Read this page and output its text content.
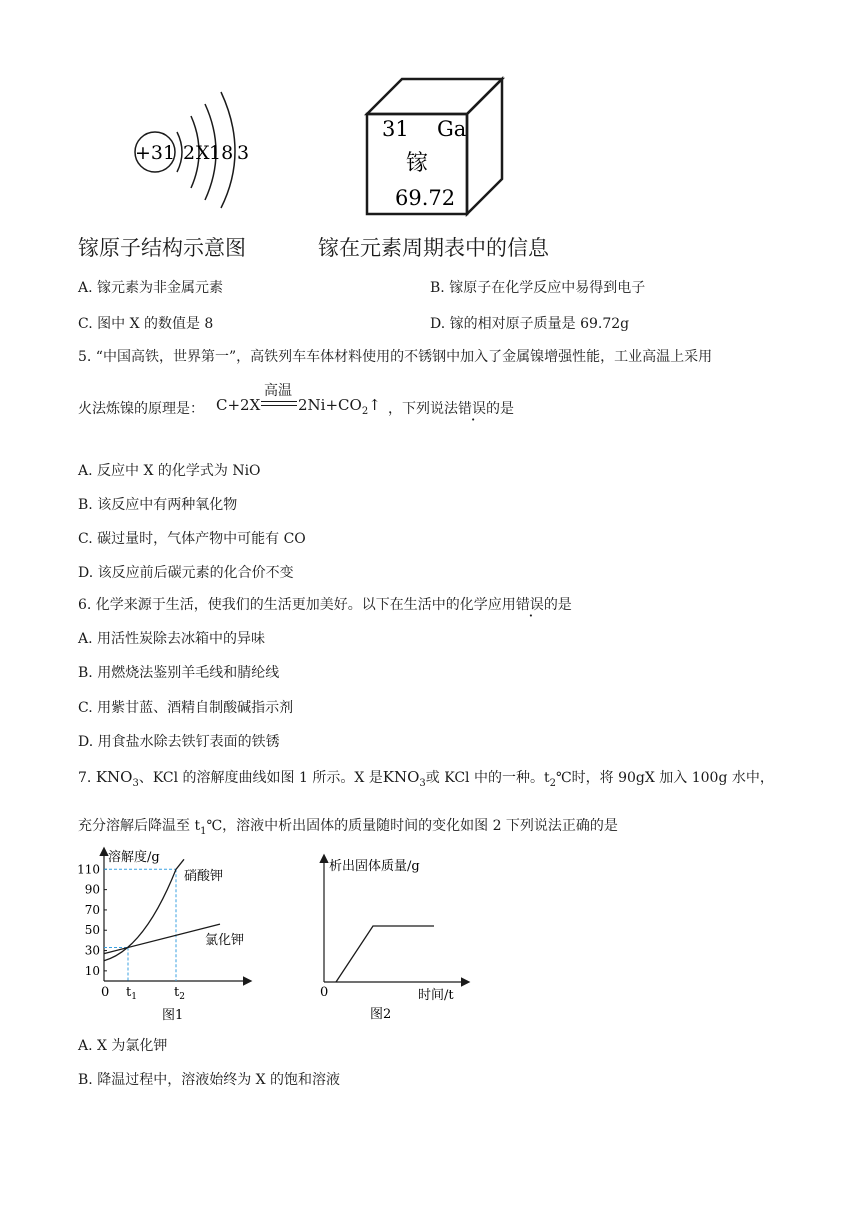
+31 2 X 18 3
31 Ga
镓
69.72
镓原子结构示意图	镓在元素周期表中的信息
A. 镓元素为非金属元素	B. 镓原子在化学反应中易得到电子
C. 图中 X 的数值是 8	D. 镓的相对原子质量是 69.72g
5. “中国高铁，世界第一”，高铁列车车体材料使用的不锈钢中加入了金属镍增强性能，工业高温上采用
火法炼镍的原理是： C+2X
高温
$2Ni+CO_2↑$ ，下列说法错误的是
A. 反应中 X 的化学式为 NiO
B. 该反应中有两种氧化物
C. 碳过量时，气体产物中可能有 CO
D. 该反应前后碳元素的化合价不变
6. 化学来源于生活，使我们的生活更加美好。以下在生活中的化学应用错误的是
A. 用活性炭除去冰箱中的异味
B. 用燃烧法鉴别羊毛线和腈纶线
C. 用紫甘蓝、酒精自制酸碱指示剂
D. 用食盐水除去铁钉表面的铁锈
7. $KNO_3$、KCl 的溶解度曲线如图 1 所示。X 是$KNO_3$或 KCl 中的一种。$t_2℃$时，将 90gX 加入 100g 水中，
充分溶解后降温至 $t_1℃$，溶液中析出固体的质量随时间的变化如图 2 下列说法正确的是
溶解度/g
10
30
50
70
90
110	硝酸钾
氯化钾
0 $t_1$	$t_2$
图1
析出固体质量/g
0	时间/t
图2
A. X 为氯化钾
B. 降温过程中，溶液始终为 X 的饱和溶液
